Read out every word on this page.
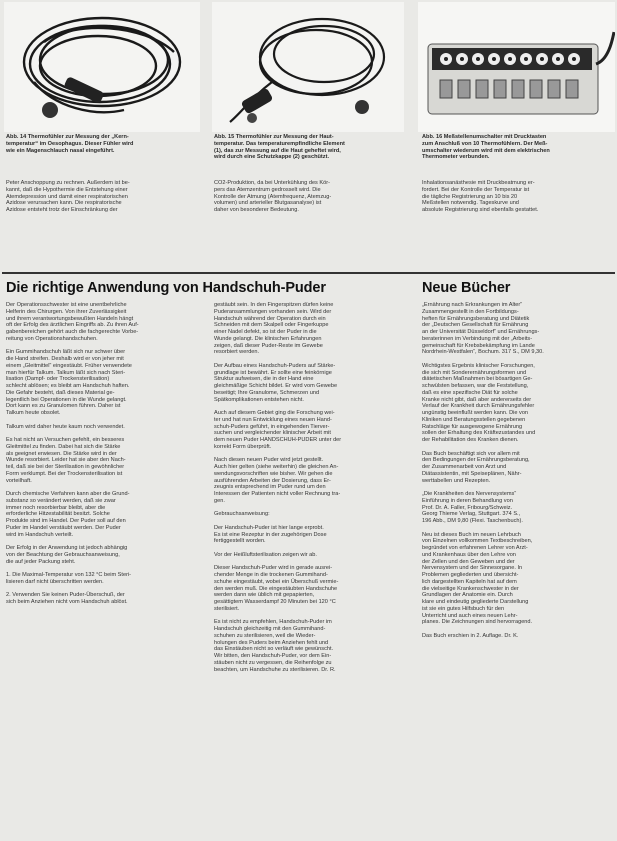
Abb. 14 Thermofühler zur Messung der „Kern-
temperatur“ im Oesophagus. Dieser Fühler wird
wie ein Magenschlauch nasal eingeführt.
Abb. 15 Thermofühler zur Messung der Haut-
temperatur. Das temperaturempfindliche Element
(1), das zur Messung auf die Haut geheftet wird,
wird durch eine Schutzkappe (2) geschützt.
Abb. 16 Meßstellenumschalter mit Drucktasten
zum Anschluß von 10 Thermofühlern. Der Meß-
umschalter wiederum wird mit dem elektrischen
Thermometer verbunden.
Peter Anschoppung zu rechnen. Außerdem ist be-
kannt, daß die Hypothermie die Entstehung einer
Atemdepression und damit einer respiratorischen
Azidose verursachen kann. Die respiratorische
Azidose entsteht trotz der Einschränkung der
CO2-Produktion, da bei Unterkühlung des Kör-
pers das Atemzentrum gedrosselt wird. Die
Kontrolle der Atmung (Atemfrequenz, Atemzug-
volumen) und arterieller Blutgasanalyse) ist
daher von besonderer Bedeutung.
Inhalationsanästhesie mit Druckbeatmung er-
fordert. Bei der Kontrolle der Temperatur ist
die tägliche Registrierung an 10 bis 20
Meßstellen notwendig. Tageskurve und
absolute Registrierung sind ebenfalls gestattet.
Die richtige Anwendung von Handschuh-Puder	Neue Bücher
Der Operationsschwester ist eine unentbehrliche
Helferin des Chirurgen. Von ihrer Zuverlässigkeit
und ihrem verantwortungsbewußten Handeln hängt
oft der Erfolg des ärztlichen Eingriffs ab. Zu ihren Auf-
gabenbereichen gehört auch die fachgerechte Vorbe-
reitung von Operationshandschuhen.

Ein Gummihandschuh läßt sich nur schwer über
die Hand streifen. Deshalb wird er von jeher mit
einem „Gleitmittel“ eingestäubt. Früher verwendete
man hierfür Talkum. Talkum läßt sich nach Steri-
lisation (Dampf- oder Trockensterilisation)
schlecht ablösen; es bleibt am Handschuh haften.
Die Gefahr besteht, daß dieses Material ge-
legentlich bei Operationen in die Wunde gelangt.
Dort kann es zu Granulomen führen. Daher ist
Talkum heute obsolet.

Talkum wird daher heute kaum noch verwendet.

Es hat nicht an Versuchen gefehlt, ein besseres
Gleitmittel zu finden. Dabei hat sich die Stärke
als geeignet erwiesen. Die Stärke wird in der
Wunde resorbiert. Leider hat sie aber den Nach-
teil, daß sie bei der Sterilisation in gewöhnlicher
Form verklumpt. Bei der Trockensterilisation ist
vorteilhaft.

Durch chemische Verfahren kann aber die Grund-
substanz so verändert werden, daß sie zwar
immer noch resorbierbar bleibt, aber die
erforderliche Hitzestabilität besitzt. Solche
Produkte sind im Handel. Der Puder soll auf den
Puder im Handel verstäubt werden. Der Puder
wird im Handschuh verteilt.

Der Erfolg in der Anwendung ist jedoch abhängig
von der Beachtung der Gebrauchsanweisung,
die auf jeder Packung steht.

1. Die Maximal-Temperatur von 132 °C beim Steri-
lisieren darf nicht überschritten werden.

2. Verwenden Sie keinen Puder-Überschuß, der
sich beim Anziehen nicht vom Handschuh ablöst.
gestäubt sein. In den Fingerspitzen dürfen keine
Puderansammlungen vorhanden sein. Wird der
Handschuh während der Operation durch ein
Schneiden mit dem Skalpell oder Fingerkuppe
einer Nadel defekt, so ist der Puder in die
Wunde gelangt. Die klinischen Erfahrungen
zeigen, daß dieser Puder-Reste im Gewebe
resorbiert werden.

Der Aufbau eines Handschuh-Puders auf Stärke-
grundlage ist bewährt. Er sollte eine feinkörnige
Struktur aufweisen, die in der Hand eine
gleichmäßige Schicht bildet. Er wird vom Gewebe
beseitigt; Ihre Granulome, Schmerzen und
Spätkomplikationen entstehen nicht.

Auch auf diesem Gebiet ging die Forschung wei-
ter und hat nun Entwicklung eines neuen Hand-
schuh-Puders geführt, in eingehenden Tierver-
suchen und vergleichender klinischer Arbeit mit
dem neuen Puder HANDSCHUH-PUDER unter der
korrekt Form überprüft.

Nach diesen neuen Puder wird jetzt gestellt.
Auch hier gelten (siehe weiterhin) die gleichen An-
wendungsvorschriften wie bisher. Wir gehen die
ausführenden Arbeiten der Dosierung, dass Er-
zeugnis entsprechend im Puder rund um den
Interessen der Patienten nicht voller Rechnung tra-
gen.

Gebrauchsanweisung:

Der Handschuh-Puder ist hier lange erprobt.
Es ist eine Rezeptur in der zugehörigen Dose
fertiggestellt worden.

Vor der Heißluftsterilisation zeigen wir ab.

Dieser Handschuh-Puder wird in gerade ausrei-
chender Menge in die trockenen Gummihand-
schuhe eingestäubt, wobei ein Überschuß vermie-
den werden muß. Die eingestäubten Handschuhe
werden dann wie üblich mit gepapierten,
gesättigtem Wasserdampf 20 Minuten bei 120 °C
sterilisiert.

Es ist nicht zu empfehlen, Handschuh-Puder im
Handschuh gleichzeitig mit den Gummihand-
schuhen zu sterilisieren, weil die Wieder-
holungen des Puders beim Anziehen fehlt und
das Einstäuben nicht so verläuft wie gewünscht.
Wir bitten, den Handschuh-Puder, vor dem Ein-
stäuben nicht zu vergessen, die Reihenfolge zu
beachten, um Handschuhe zu sterilisieren. Dr. R.
„Ernährung nach Erkrankungen im Alter“
Zusammengestellt in den Fortbildungs-
heften für Ernährungsberatung und Diätetik
der „Deutschen Gesellschaft für Ernährung
an der Universität Düsseldorf“ und Ernährungs-
beraterinnen im Verbindung mit der „Arbeits-
gemeinschaft für Krebsbekämpfung im Lande
Nordrhein-Westfalen“, Bochum. 317 S., DM 9,30.

Wichtigstes Ergebnis klinischer Forschungen,
die sich mit Sonderernährungsformen und
diätetischen Maßnahmen bei bösartigen Ge-
schwülsten befassen, war die Feststellung,
daß es eine spezifische Diät für solche
Kranke nicht gibt, daß aber andererseits der
Verlauf der Krankheit durch Ernährungsfehler
ungünstig beeinflußt werden kann. Die von
Kliniken und Beratungsstellen gegebenen
Ratschläge für ausgewogene Ernährung
sollen der Erhaltung des Kräftezustandes und
der Rehabilitation des Kranken dienen.

Das Buch beschäftigt sich vor allem mit
den Bedingungen der Ernährungsberatung,
der Zusammenarbeit von Arzt und
Diätassistentin, mit Speiseplänen, Nähr-
werttabellen und Rezepten.

„Die Krankheiten des Nervensystems“
Einführung in deren Behandlung von
Prof. Dr. A. Faller, Fribourg/Schweiz.
Georg Thieme Verlag, Stuttgart. 374 S.,
196 Abb., DM 9,80 (Flexi. Taschenbuch).

Neu ist dieses Buch im neuen Lehrbuch
von Einzelnen vollkommen Textbeschreiben,
begründet von erfahrenen Lehrer von Arzt-
und Krankenhaus über den Lehre von
der Zellen und den Geweben und der
Nervensystem und der Sinnesorgane. In
Problemen gegliederten und übersicht-
lich dargestellten Kapiteln hat auf dem
die vielseitige Krankenschwester in der
Grundlagen der Anatomie ein. Durch
klare und eindeutig gegliederte Darstellung
ist sie ein gutes Hilfsbuch für den
Unterricht und auch eines neuen Lehr-
planes. Die Zeichnungen sind hervorragend.

Das Buch erschien in 2. Auflage. Dr. K.
